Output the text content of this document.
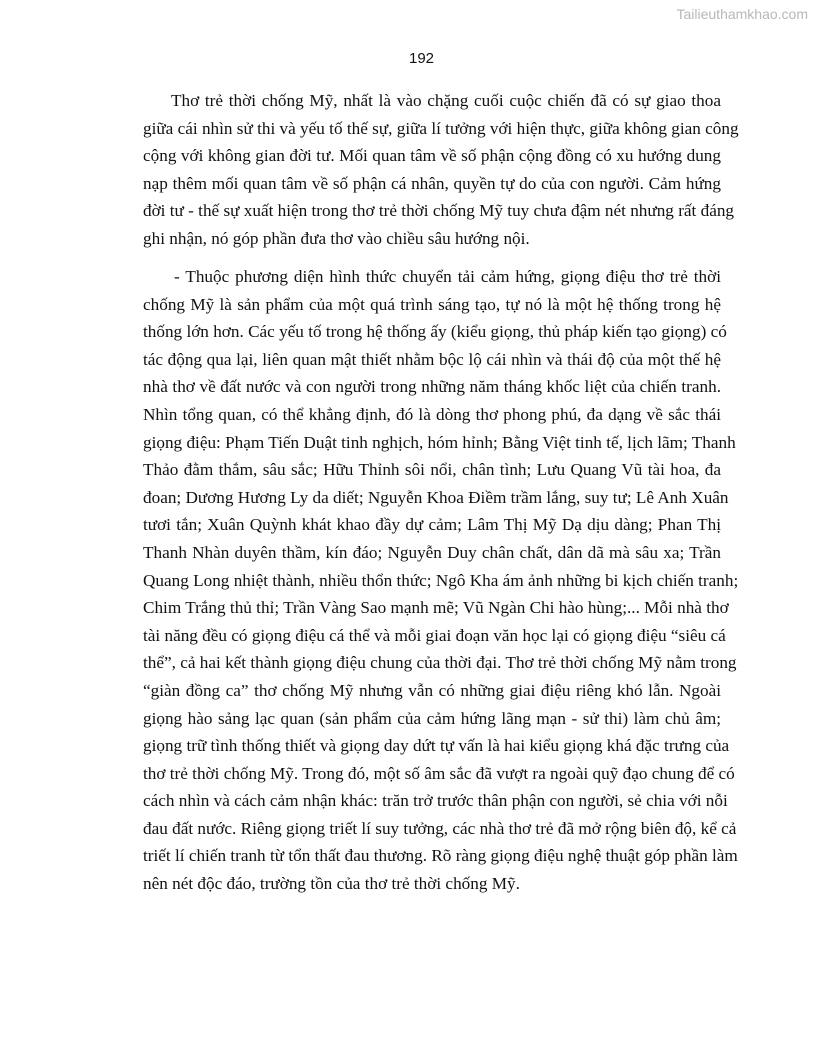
Tailieuthamkhao.com
192
Thơ trẻ thời chống Mỹ, nhất là vào chặng cuối cuộc chiến đã có sự giao thoa
giữa cái nhìn sử thi và yếu tố thế sự, giữa lí tưởng với hiện thực, giữa không gian công
cộng với không gian đời tư. Mối quan tâm về số phận cộng đồng có xu hướng dung
nạp thêm mối quan tâm về số phận cá nhân, quyền tự do của con người. Cảm hứng
đời tư - thế sự xuất hiện trong thơ trẻ thời chống Mỹ tuy chưa đậm nét nhưng rất đáng
ghi nhận, nó góp phần đưa thơ vào chiều sâu hướng nội.
- Thuộc phương diện hình thức chuyển tải cảm hứng, giọng điệu thơ trẻ thời
chống Mỹ là sản phẩm của một quá trình sáng tạo, tự nó là một hệ thống trong hệ
thống lớn hơn. Các yếu tố trong hệ thống ấy (kiểu giọng, thủ pháp kiến tạo giọng) có
tác động qua lại, liên quan mật thiết nhằm bộc lộ cái nhìn và thái độ của một thế hệ
nhà thơ về đất nước và con người trong những năm tháng khốc liệt của chiến tranh.
Nhìn tổng quan, có thể khẳng định, đó là dòng thơ phong phú, đa dạng về sắc thái
giọng điệu: Phạm Tiến Duật tinh nghịch, hóm hỉnh; Bằng Việt tinh tế, lịch lãm; Thanh
Thảo đằm thắm, sâu sắc; Hữu Thỉnh sôi nổi, chân tình; Lưu Quang Vũ tài hoa, đa
đoan; Dương Hương Ly da diết; Nguyễn Khoa Điềm trầm lắng, suy tư; Lê Anh Xuân
tươi tắn; Xuân Quỳnh khát khao đầy dự cảm; Lâm Thị Mỹ Dạ dịu dàng; Phan Thị
Thanh Nhàn duyên thầm, kín đáo; Nguyễn Duy chân chất, dân dã mà sâu xa; Trần
Quang Long nhiệt thành, nhiều thổn thức; Ngô Kha ám ảnh những bi kịch chiến tranh;
Chim Trắng thủ thỉ; Trần Vàng Sao mạnh mẽ; Vũ Ngàn Chi hào hùng;... Mỗi nhà thơ
tài năng đều có giọng điệu cá thể và mỗi giai đoạn văn học lại có giọng điệu “siêu cá
thể”, cả hai kết thành giọng điệu chung của thời đại. Thơ trẻ thời chống Mỹ nằm trong
“giàn đồng ca” thơ chống Mỹ nhưng vẫn có những giai điệu riêng khó lẫn. Ngoài
giọng hào sảng lạc quan (sản phẩm của cảm hứng lãng mạn - sử thi) làm chủ âm;
giọng trữ tình thống thiết và giọng day dứt tự vấn là hai kiểu giọng khá đặc trưng của
thơ trẻ thời chống Mỹ. Trong đó, một số âm sắc đã vượt ra ngoài quỹ đạo chung để có
cách nhìn và cách cảm nhận khác: trăn trở trước thân phận con người, sẻ chia với nỗi
đau đất nước. Riêng giọng triết lí suy tưởng, các nhà thơ trẻ đã mở rộng biên độ, kể cả
triết lí chiến tranh từ tổn thất đau thương. Rõ ràng giọng điệu nghệ thuật góp phần làm
nên nét độc đáo, trường tồn của thơ trẻ thời chống Mỹ.
